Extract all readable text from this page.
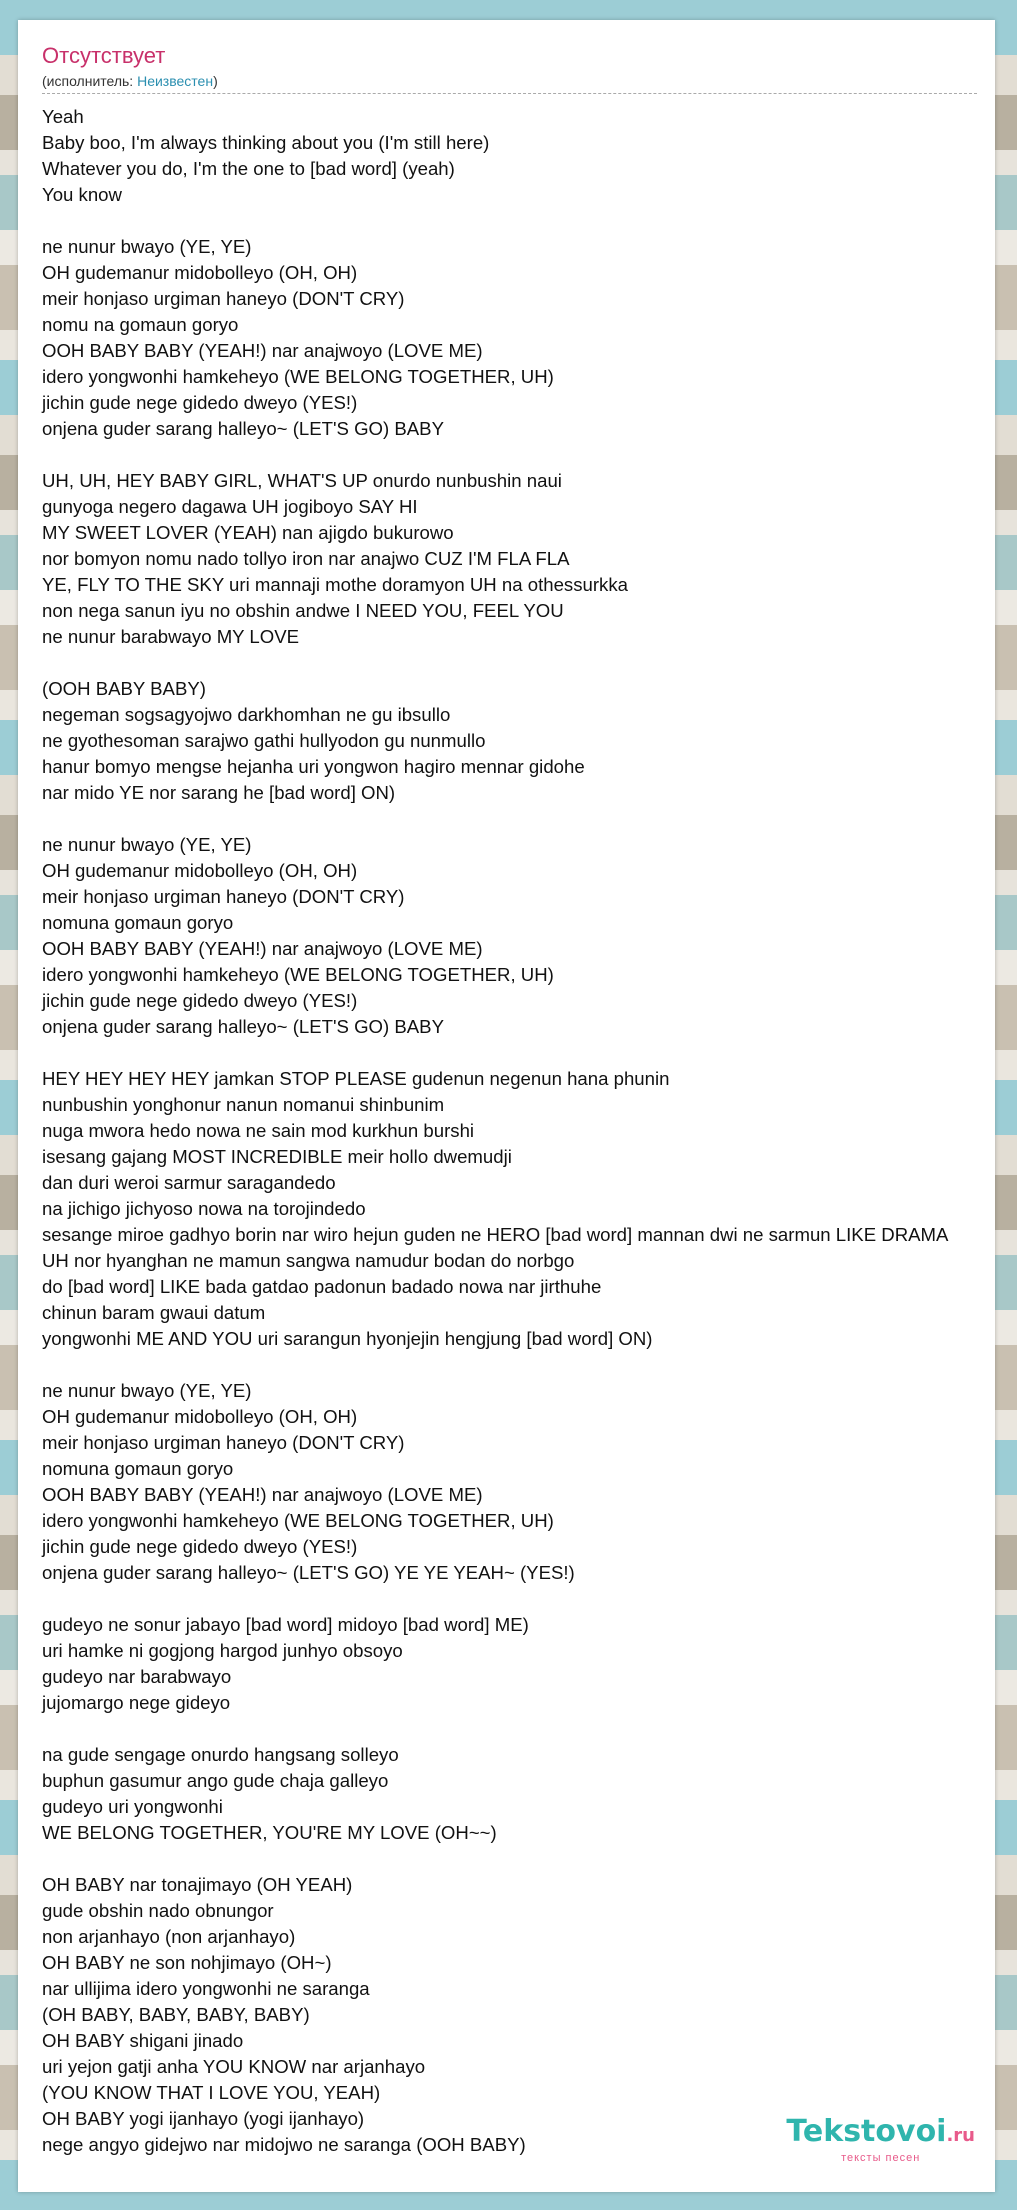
Отсутствует
(исполнитель: Неизвестен)
Yeah
Baby boo, I'm always thinking about you (I'm still here)
Whatever you do, I'm the one to [bad word] (yeah)
You know
ne nunur bwayo (YE, YE)
OH gudemanur midobolleyo (OH, OH)
meir honjaso urgiman haneyo (DON'T CRY)
nomu na gomaun goryo
OOH BABY BABY (YEAH!) nar anajwoyo (LOVE ME)
idero yongwonhi hamkeheyo (WE BELONG TOGETHER, UH)
jichin gude nege gidedo dweyo (YES!)
onjena guder sarang halleyo~ (LET'S GO) BABY
UH, UH, HEY BABY GIRL, WHAT'S UP onurdo nunbushin naui
gunyoga negero dagawa UH jogiboyo SAY HI
MY SWEET LOVER (YEAH) nan ajigdo bukurowo
nor bomyon nomu nado tollyo iron nar anajwo CUZ I'M FLA FLA
YE, FLY TO THE SKY uri mannaji mothe doramyon UH na othessurkka
non nega sanun iyu no obshin andwe I NEED YOU, FEEL YOU
ne nunur barabwayo MY LOVE
(OOH BABY BABY)
negeman sogsagyojwo darkhomhan ne gu ibsullo
ne gyothesoman sarajwo gathi hullyodon gu nunmullo
hanur bomyo mengse hejanha uri yongwon hagiro mennar gidohe
nar mido YE nor sarang he [bad word] ON)
ne nunur bwayo (YE, YE)
OH gudemanur midobolleyo (OH, OH)
meir honjaso urgiman haneyo (DON'T CRY)
nomuna gomaun goryo
OOH BABY BABY (YEAH!) nar anajwoyo (LOVE ME)
idero yongwonhi hamkeheyo (WE BELONG TOGETHER, UH)
jichin gude nege gidedo dweyo (YES!)
onjena guder sarang halleyo~ (LET'S GO) BABY
HEY HEY HEY HEY jamkan STOP PLEASE gudenun negenun hana phunin
nunbushin yonghonur nanun nomanui shinbunim
nuga mwora hedo nowa ne sain mod kurkhun burshi
isesang gajang MOST INCREDIBLE meir hollo dwemudji
dan duri weroi sarmur saragandedo
na jichigo jichyoso nowa na torojindedo
sesange miroe gadhyo borin nar wiro hejun guden ne HERO [bad word] mannan dwi ne sarmun LIKE DRAMA
UH nor hyanghan ne mamun sangwa namudur bodan do norbgo
do [bad word] LIKE bada gatdao padonun badado nowa nar jirthuhe
chinun baram gwaui datum
yongwonhi ME AND YOU uri sarangun hyonjejin hengjung [bad word] ON)
ne nunur bwayo (YE, YE)
OH gudemanur midobolleyo (OH, OH)
meir honjaso urgiman haneyo (DON'T CRY)
nomuna gomaun goryo
OOH BABY BABY (YEAH!) nar anajwoyo (LOVE ME)
idero yongwonhi hamkeheyo (WE BELONG TOGETHER, UH)
jichin gude nege gidedo dweyo (YES!)
onjena guder sarang halleyo~ (LET'S GO) YE YE YEAH~ (YES!)
gudeyo ne sonur jabayo [bad word] midoyo [bad word] ME)
uri hamke ni gogjong hargod junhyo obsoyo
gudeyo nar barabwayo
jujomargo nege gideyo
na gude sengage onurdo hangsang solleyo
buphun gasumur ango gude chaja galleyo
gudeyo uri yongwonhi
WE BELONG TOGETHER, YOU'RE MY LOVE (OH~~)
OH BABY nar tonajimayo (OH YEAH)
gude obshin nado obnungor
non arjanhayo (non arjanhayo)
OH BABY ne son nohjimayo (OH~)
nar ullijima idero yongwonhi ne saranga
(OH BABY, BABY, BABY, BABY)
OH BABY shigani jinado
uri yejon gatji anha YOU KNOW nar arjanhayo
(YOU KNOW THAT I LOVE YOU, YEAH)
OH BABY yogi ijanhayo (yogi ijanhayo)
nege angyo gidejwo nar midojwo ne saranga (OOH BABY)	Tekstovoi.ru
тексты песен
